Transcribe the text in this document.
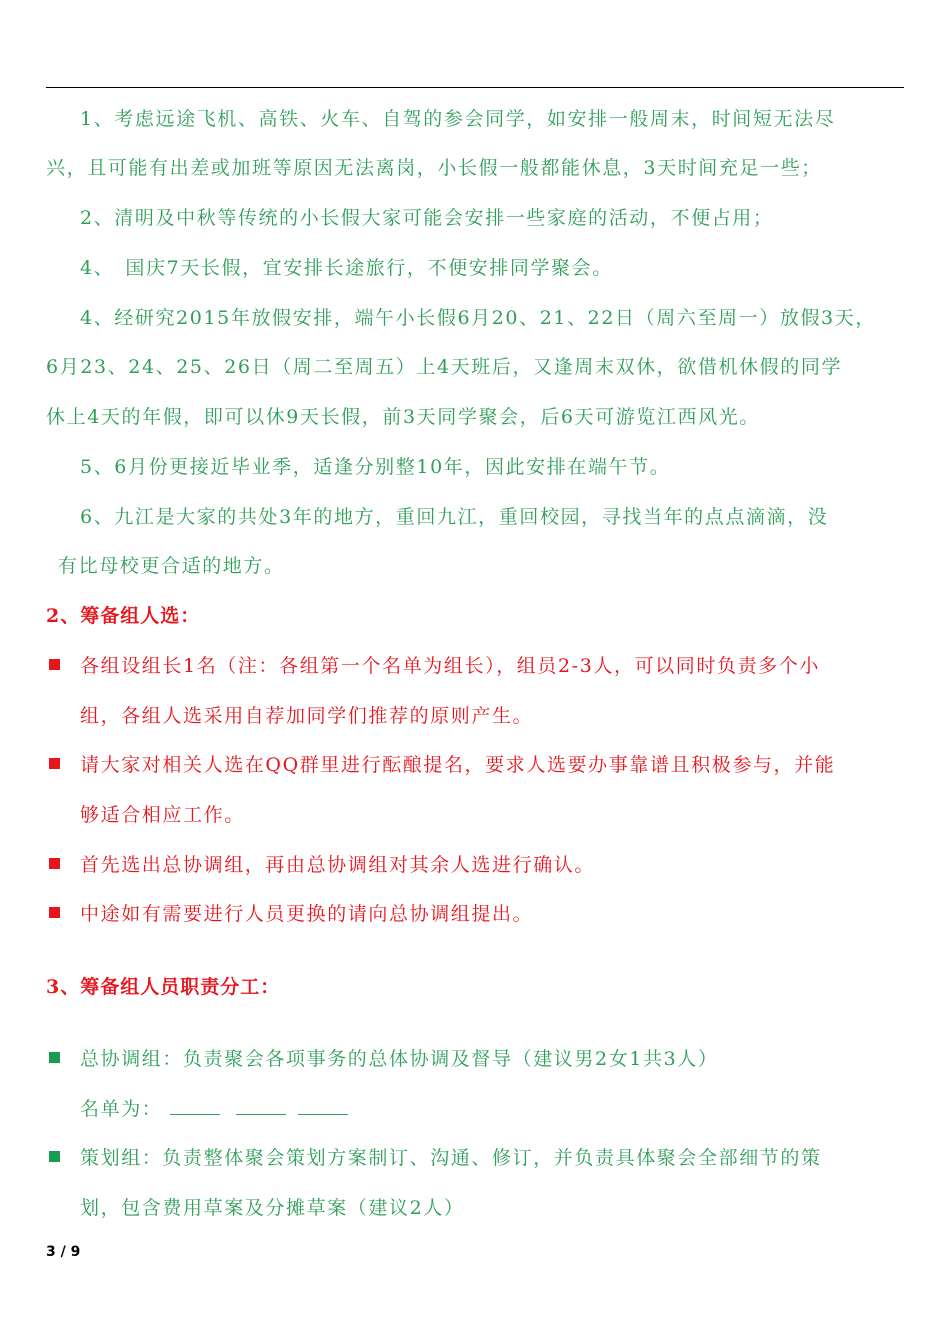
1、考虑远途飞机、高铁、火车、自驾的参会同学，如安排一般周末，时间短无法尽
兴，且可能有出差或加班等原因无法离岗，小长假一般都能休息，3天时间充足一些；
2、清明及中秋等传统的小长假大家可能会安排一些家庭的活动，不便占用；
4、　国庆7天长假，宜安排长途旅行，不便安排同学聚会。
4、经研究2015年放假安排，端午小长假6月20、21、22日（周六至周一）放假3天，
6月23、24、25、26日（周二至周五）上4天班后，又逢周末双休，欲借机休假的同学
休上4天的年假，即可以休9天长假，前3天同学聚会，后6天可游览江西风光。
5、6月份更接近毕业季，适逢分别整10年，因此安排在端午节。
6、九江是大家的共处3年的地方，重回九江，重回校园，寻找当年的点点滴滴，没
有比母校更合适的地方。
2、筹备组人选：
各组设组长1名（注：各组第一个名单为组长），组员2-3人，可以同时负责多个小
组，各组人选采用自荐加同学们推荐的原则产生。
请大家对相关人选在QQ群里进行酝酿提名，要求人选要办事靠谱且积极参与，并能
够适合相应工作。
首先选出总协调组，再由总协调组对其余人选进行确认。
中途如有需要进行人员更换的请向总协调组提出。
3、筹备组人员职责分工：
总协调组：负责聚会各项事务的总体协调及督导（建议男2女1共3人）
名单为：
策划组：负责整体聚会策划方案制订、沟通、修订，并负责具体聚会全部细节的策
划，包含费用草案及分摊草案（建议2人）
3 / 9
